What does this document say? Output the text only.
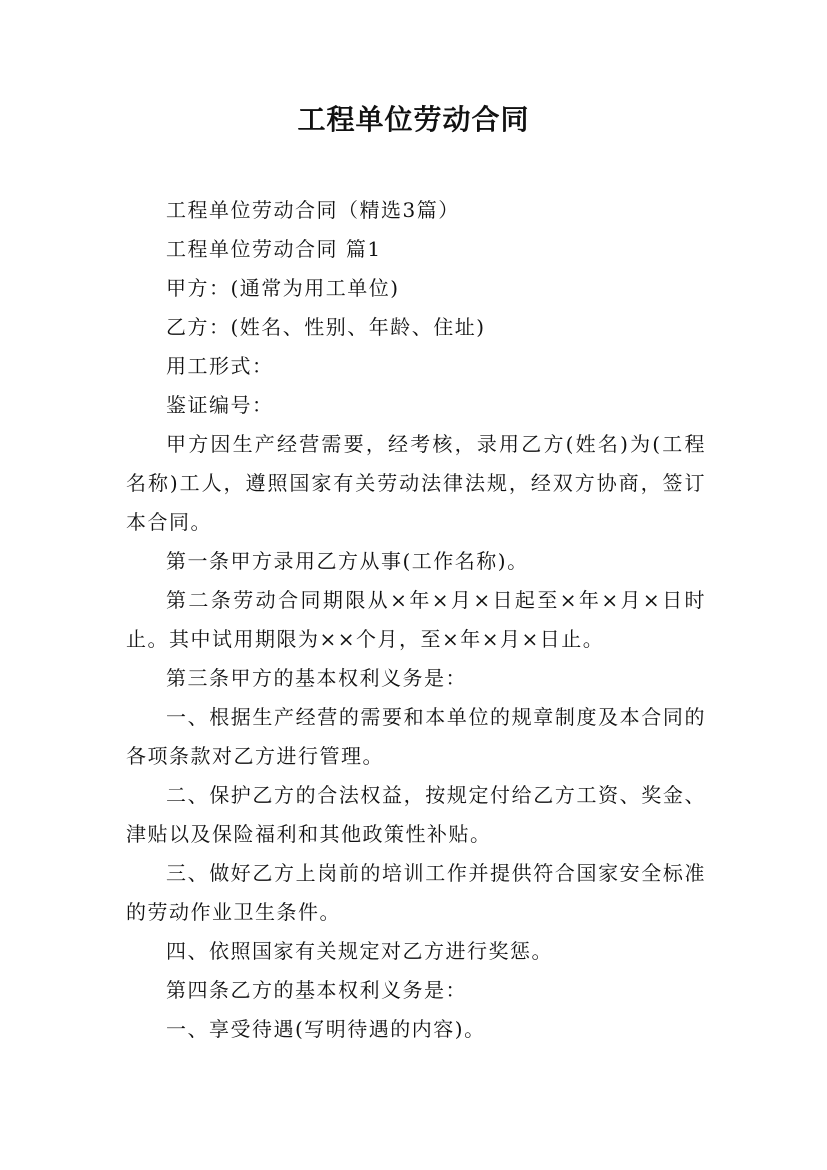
工程单位劳动合同

工程单位劳动合同（精选3篇）

工程单位劳动合同 篇1

甲方：(通常为用工单位)

乙方：(姓名、性别、年龄、住址)

用工形式：

鉴证编号：

甲方因生产经营需要，经考核，录用乙方(姓名)为(工程名称)工人，遵照国家有关劳动法律法规，经双方协商，签订本合同。

第一条甲方录用乙方从事(工作名称)。

第二条劳动合同期限从×年×月×日起至×年×月×日时止。其中试用期限为××个月，至×年×月×日止。

第三条甲方的基本权利义务是：

一、根据生产经营的需要和本单位的规章制度及本合同的各项条款对乙方进行管理。

二、保护乙方的合法权益，按规定付给乙方工资、奖金、津贴以及保险福利和其他政策性补贴。

三、做好乙方上岗前的培训工作并提供符合国家安全标准的劳动作业卫生条件。

四、依照国家有关规定对乙方进行奖惩。

第四条乙方的基本权利义务是：

一、享受待遇(写明待遇的内容)。
